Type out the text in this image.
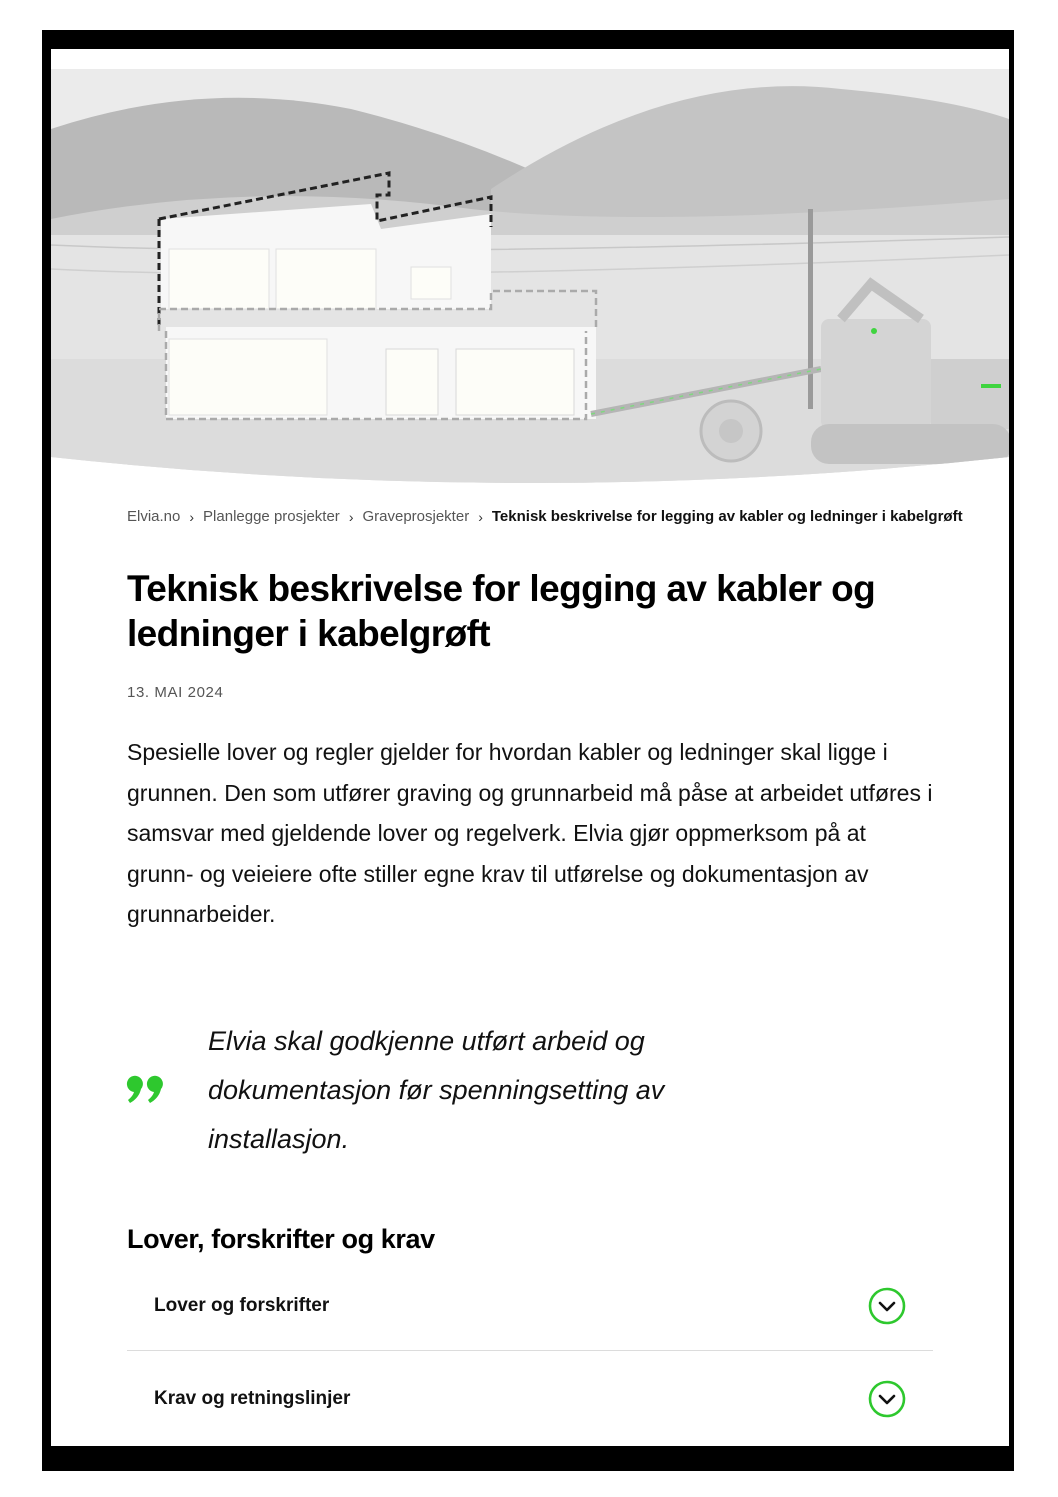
Elvia.no › Planlegge prosjekter › Graveprosjekter › Teknisk beskrivelse for legging av kabler og ledninger i kabelgrøft
Teknisk beskrivelse for legging av kabler og ledninger i kabelgrøft
13. MAI 2024

Spesielle lover og regler gjelder for hvordan kabler og ledninger skal ligge i grunnen. Den som utfører graving og grunnarbeid må påse at arbeidet utføres i samsvar med gjeldende lover og regelverk. Elvia gjør oppmerksom på at grunn- og veieiere ofte stiller egne krav til utførelse og dokumentasjon av grunnarbeider.

Elvia skal godkjenne utført arbeid og dokumentasjon før spenningsetting av installasjon.

Lover, forskrifter og krav
Lover og forskrifter
Krav og retningslinjer
